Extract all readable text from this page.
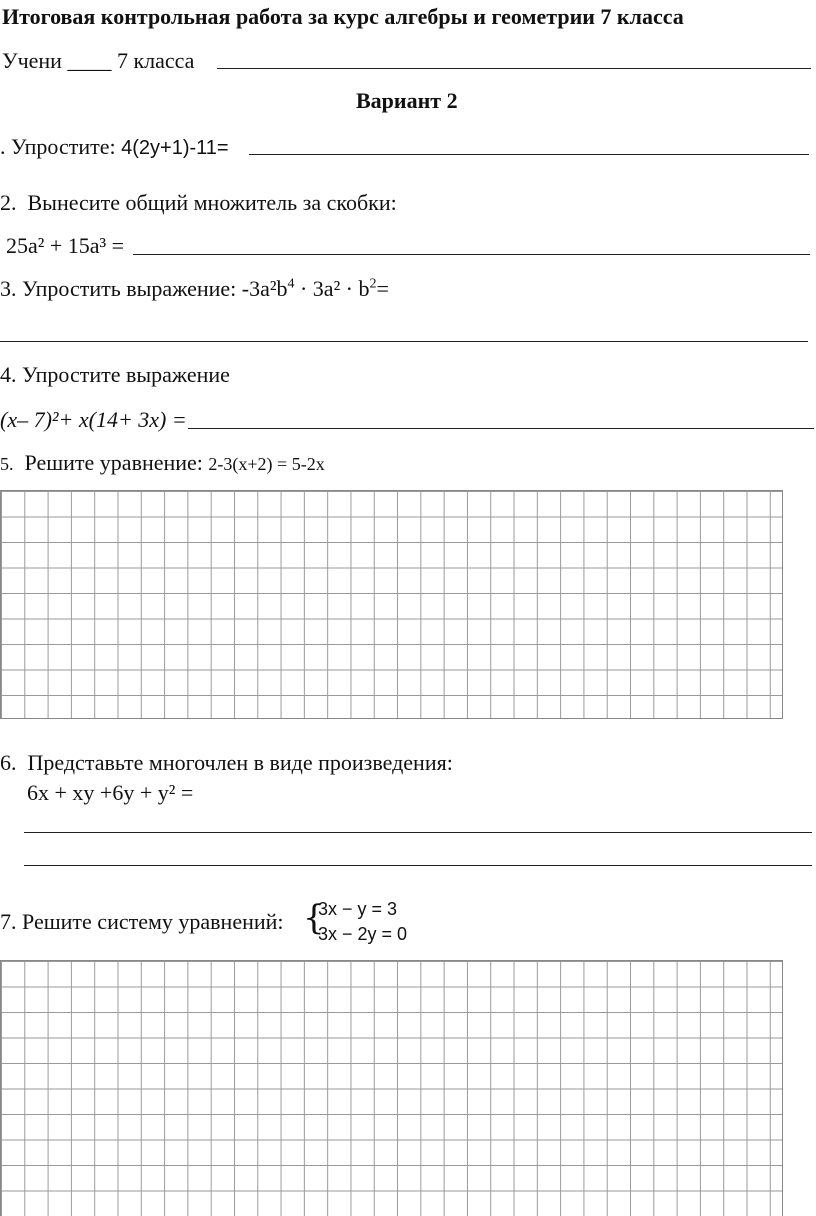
Итоговая контрольная работа за курс алгебры и геометрии 7 класса
Учени ____ 7 класса
Вариант 2
. Упростите: 4(2y+1)-11=
2. Вынесите общий множитель за скобки:
25a² + 15a³ =
3. Упростить выражение: $-3a^2b^4 \cdot 3a^2 \cdot b^2=$
4. Упростите выражение
(x– 7)²+ x(14+ 3x) =
5. Решите уравнение: 2-3(x+2) = 5-2x
6. Представьте многочлен в виде произведения:
6x + xy +6y + y² =
7. Решите систему уравнений: {
3x − y = 3
3x − 2y = 0
